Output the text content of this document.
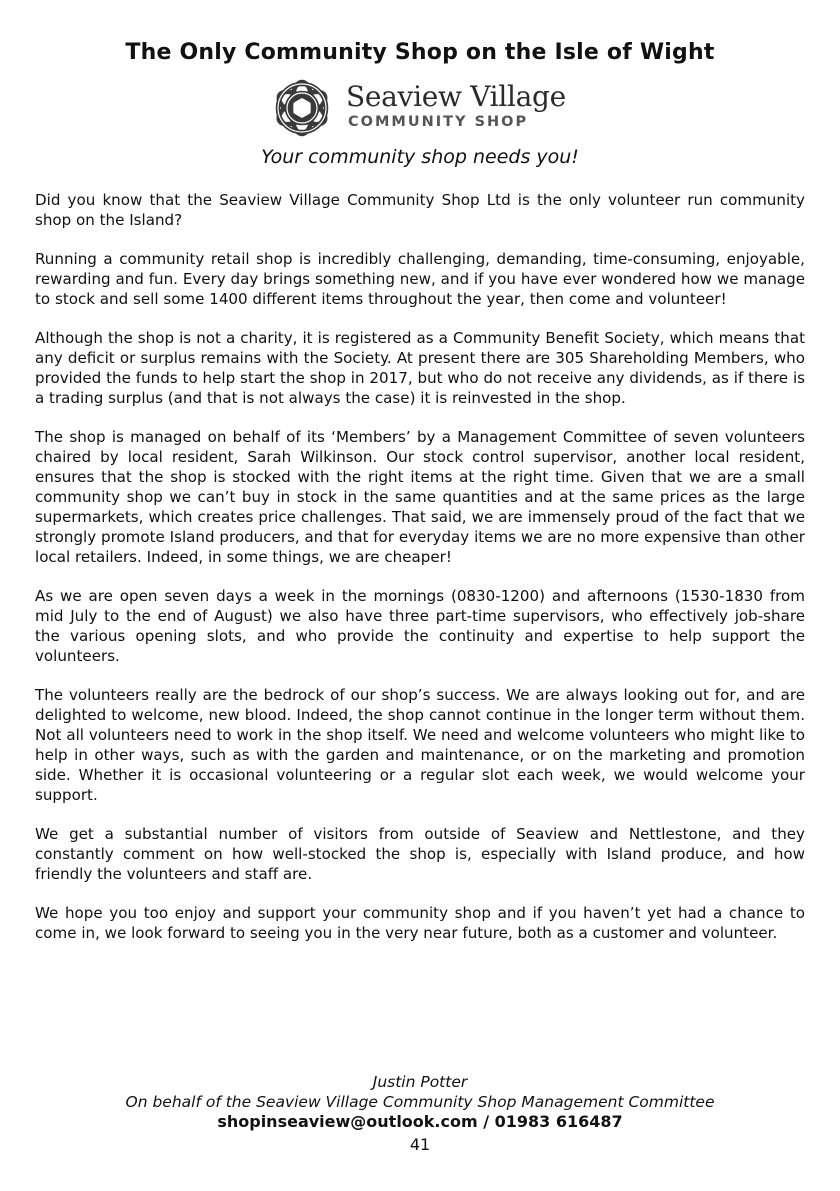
The Only Community Shop on the Isle of Wight
Seaview Village
COMMUNITY SHOP
Your community shop needs you!

Did you know that the Seaview Village Community Shop Ltd is the only volunteer run community shop on the Island?

Running a community retail shop is incredibly challenging, demanding, time-consuming, enjoyable, rewarding and fun. Every day brings something new, and if you have ever wondered how we manage to stock and sell some 1400 different items throughout the year, then come and volunteer!

Although the shop is not a charity, it is registered as a Community Benefit Society, which means that any deficit or surplus remains with the Society. At present there are 305 Shareholding Members, who provided the funds to help start the shop in 2017, but who do not receive any dividends, as if there is a trading surplus (and that is not always the case) it is reinvested in the shop.

The shop is managed on behalf of its ‘Members’ by a Management Committee of seven volunteers chaired by local resident, Sarah Wilkinson. Our stock control supervisor, another local resident, ensures that the shop is stocked with the right items at the right time. Given that we are a small community shop we can’t buy in stock in the same quantities and at the same prices as the large supermarkets, which creates price challenges. That said, we are immensely proud of the fact that we strongly promote Island producers, and that for everyday items we are no more expensive than other local retailers. Indeed, in some things, we are cheaper!

As we are open seven days a week in the mornings (0830-1200) and afternoons (1530-1830 from mid July to the end of August) we also have three part-time supervisors, who effectively job-share the various opening slots, and who provide the continuity and expertise to help support the volunteers.

The volunteers really are the bedrock of our shop’s success. We are always looking out for, and are delighted to welcome, new blood. Indeed, the shop cannot continue in the longer term without them. Not all volunteers need to work in the shop itself. We need and welcome volunteers who might like to help in other ways, such as with the garden and maintenance, or on the marketing and promotion side. Whether it is occasional volunteering or a regular slot each week, we would welcome your support.

We get a substantial number of visitors from outside of Seaview and Nettlestone, and they constantly comment on how well-stocked the shop is, especially with Island produce, and how friendly the volunteers and staff are.

We hope you too enjoy and support your community shop and if you haven’t yet had a chance to come in, we look forward to seeing you in the very near future, both as a customer and volunteer.

Justin Potter
On behalf of the Seaview Village Community Shop Management Committee
shopinseaview@outlook.com / 01983 616487
41
